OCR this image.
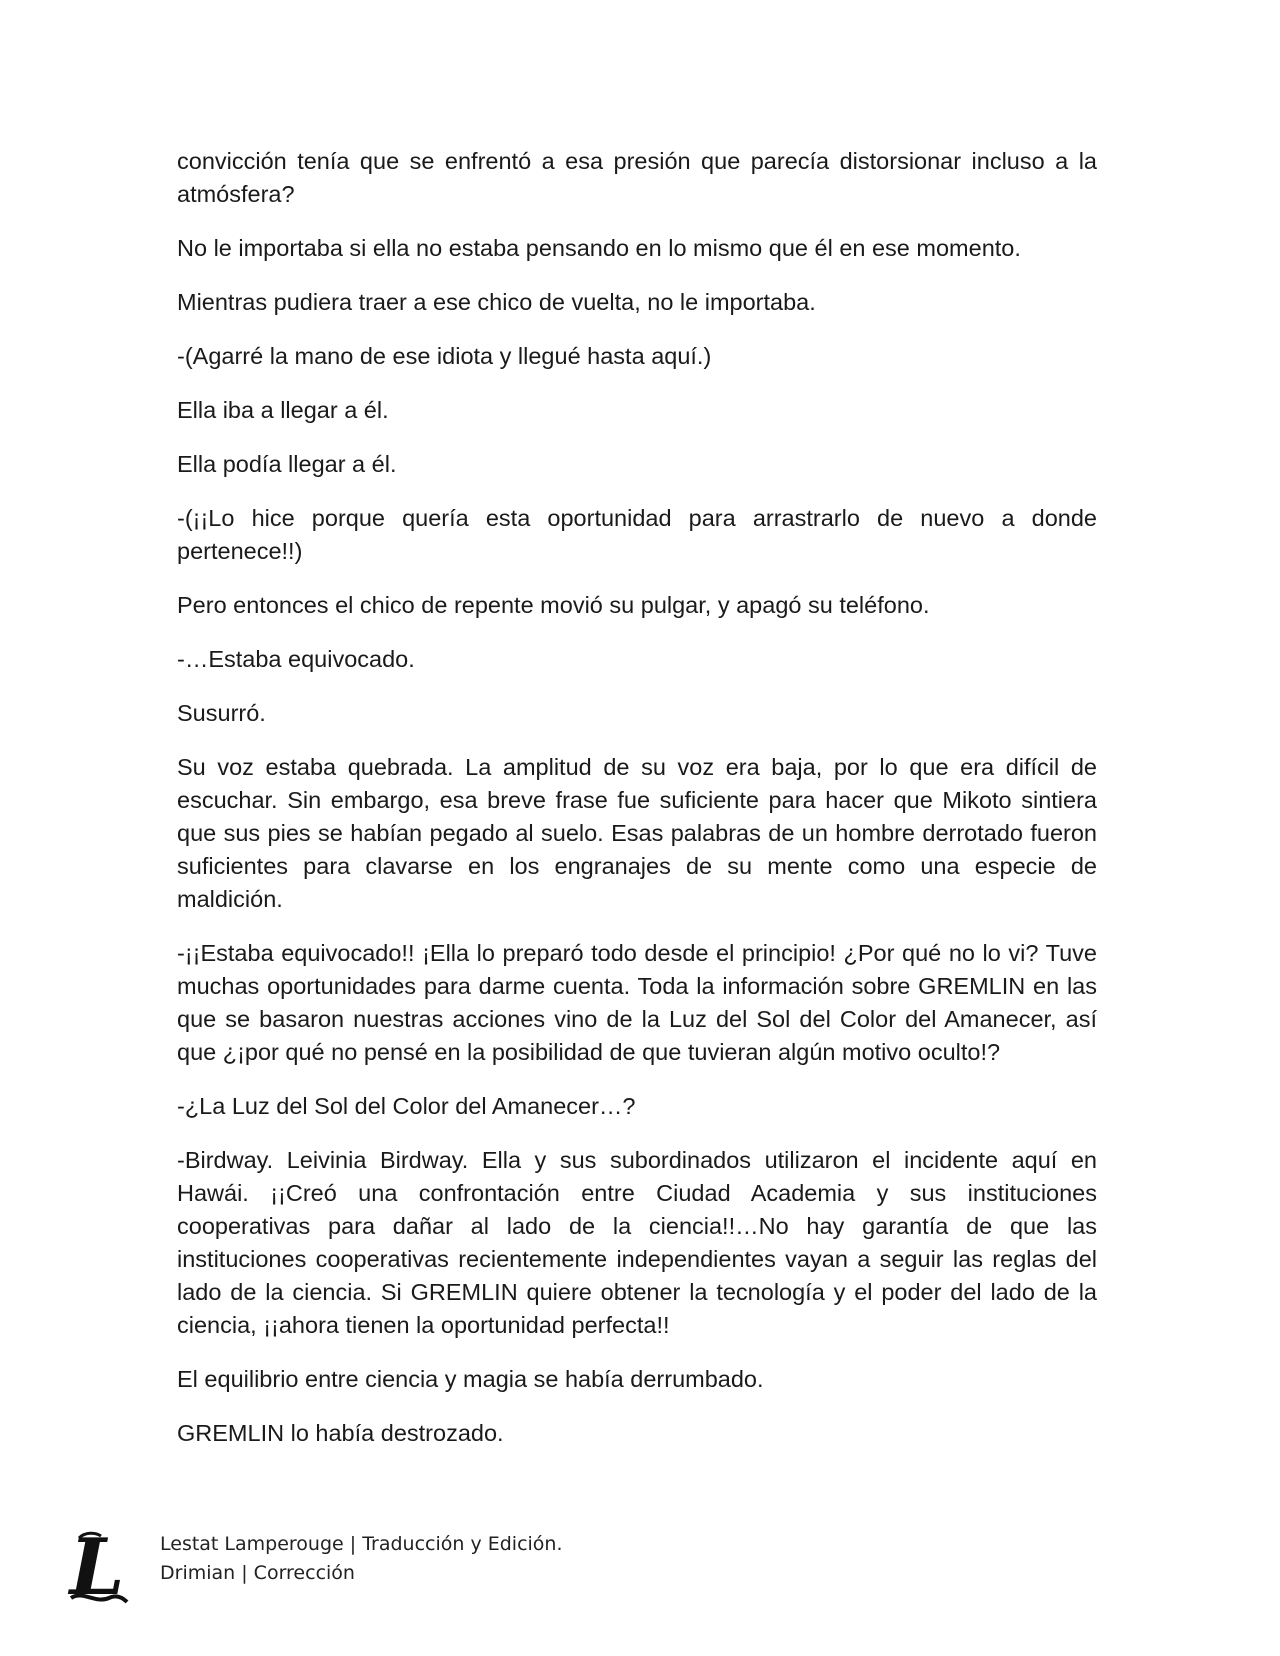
convicción tenía que se enfrentó a esa presión que parecía distorsionar incluso a la atmósfera?

No le importaba si ella no estaba pensando en lo mismo que él en ese momento.

Mientras pudiera traer a ese chico de vuelta, no le importaba.

-(Agarré la mano de ese idiota y llegué hasta aquí.)

Ella iba a llegar a él.

Ella podía llegar a él.

-(¡¡Lo hice porque quería esta oportunidad para arrastrarlo de nuevo a donde pertenece!!)

Pero entonces el chico de repente movió su pulgar, y apagó su teléfono.

-…Estaba equivocado.

Susurró.

Su voz estaba quebrada. La amplitud de su voz era baja, por lo que era difícil de escuchar. Sin embargo, esa breve frase fue suficiente para hacer que Mikoto sintiera que sus pies se habían pegado al suelo. Esas palabras de un hombre derrotado fueron suficientes para clavarse en los engranajes de su mente como una especie de maldición.

-¡¡Estaba equivocado!! ¡Ella lo preparó todo desde el principio! ¿Por qué no lo vi? Tuve muchas oportunidades para darme cuenta. Toda la información sobre GREMLIN en las que se basaron nuestras acciones vino de la Luz del Sol del Color del Amanecer, así que ¿¡por qué no pensé en la posibilidad de que tuvieran algún motivo oculto!?

-¿La Luz del Sol del Color del Amanecer…?

-Birdway. Leivinia Birdway. Ella y sus subordinados utilizaron el incidente aquí en Hawái. ¡¡Creó una confrontación entre Ciudad Academia y sus instituciones cooperativas para dañar al lado de la ciencia!!…No hay garantía de que las instituciones cooperativas recientemente independientes vayan a seguir las reglas del lado de la ciencia. Si GREMLIN quiere obtener la tecnología y el poder del lado de la ciencia, ¡¡ahora tienen la oportunidad perfecta!!

El equilibrio entre ciencia y magia se había derrumbado.

GREMLIN lo había destrozado.

L Lestat Lamperouge | Traducción y Edición.
Drimian | Corrección
